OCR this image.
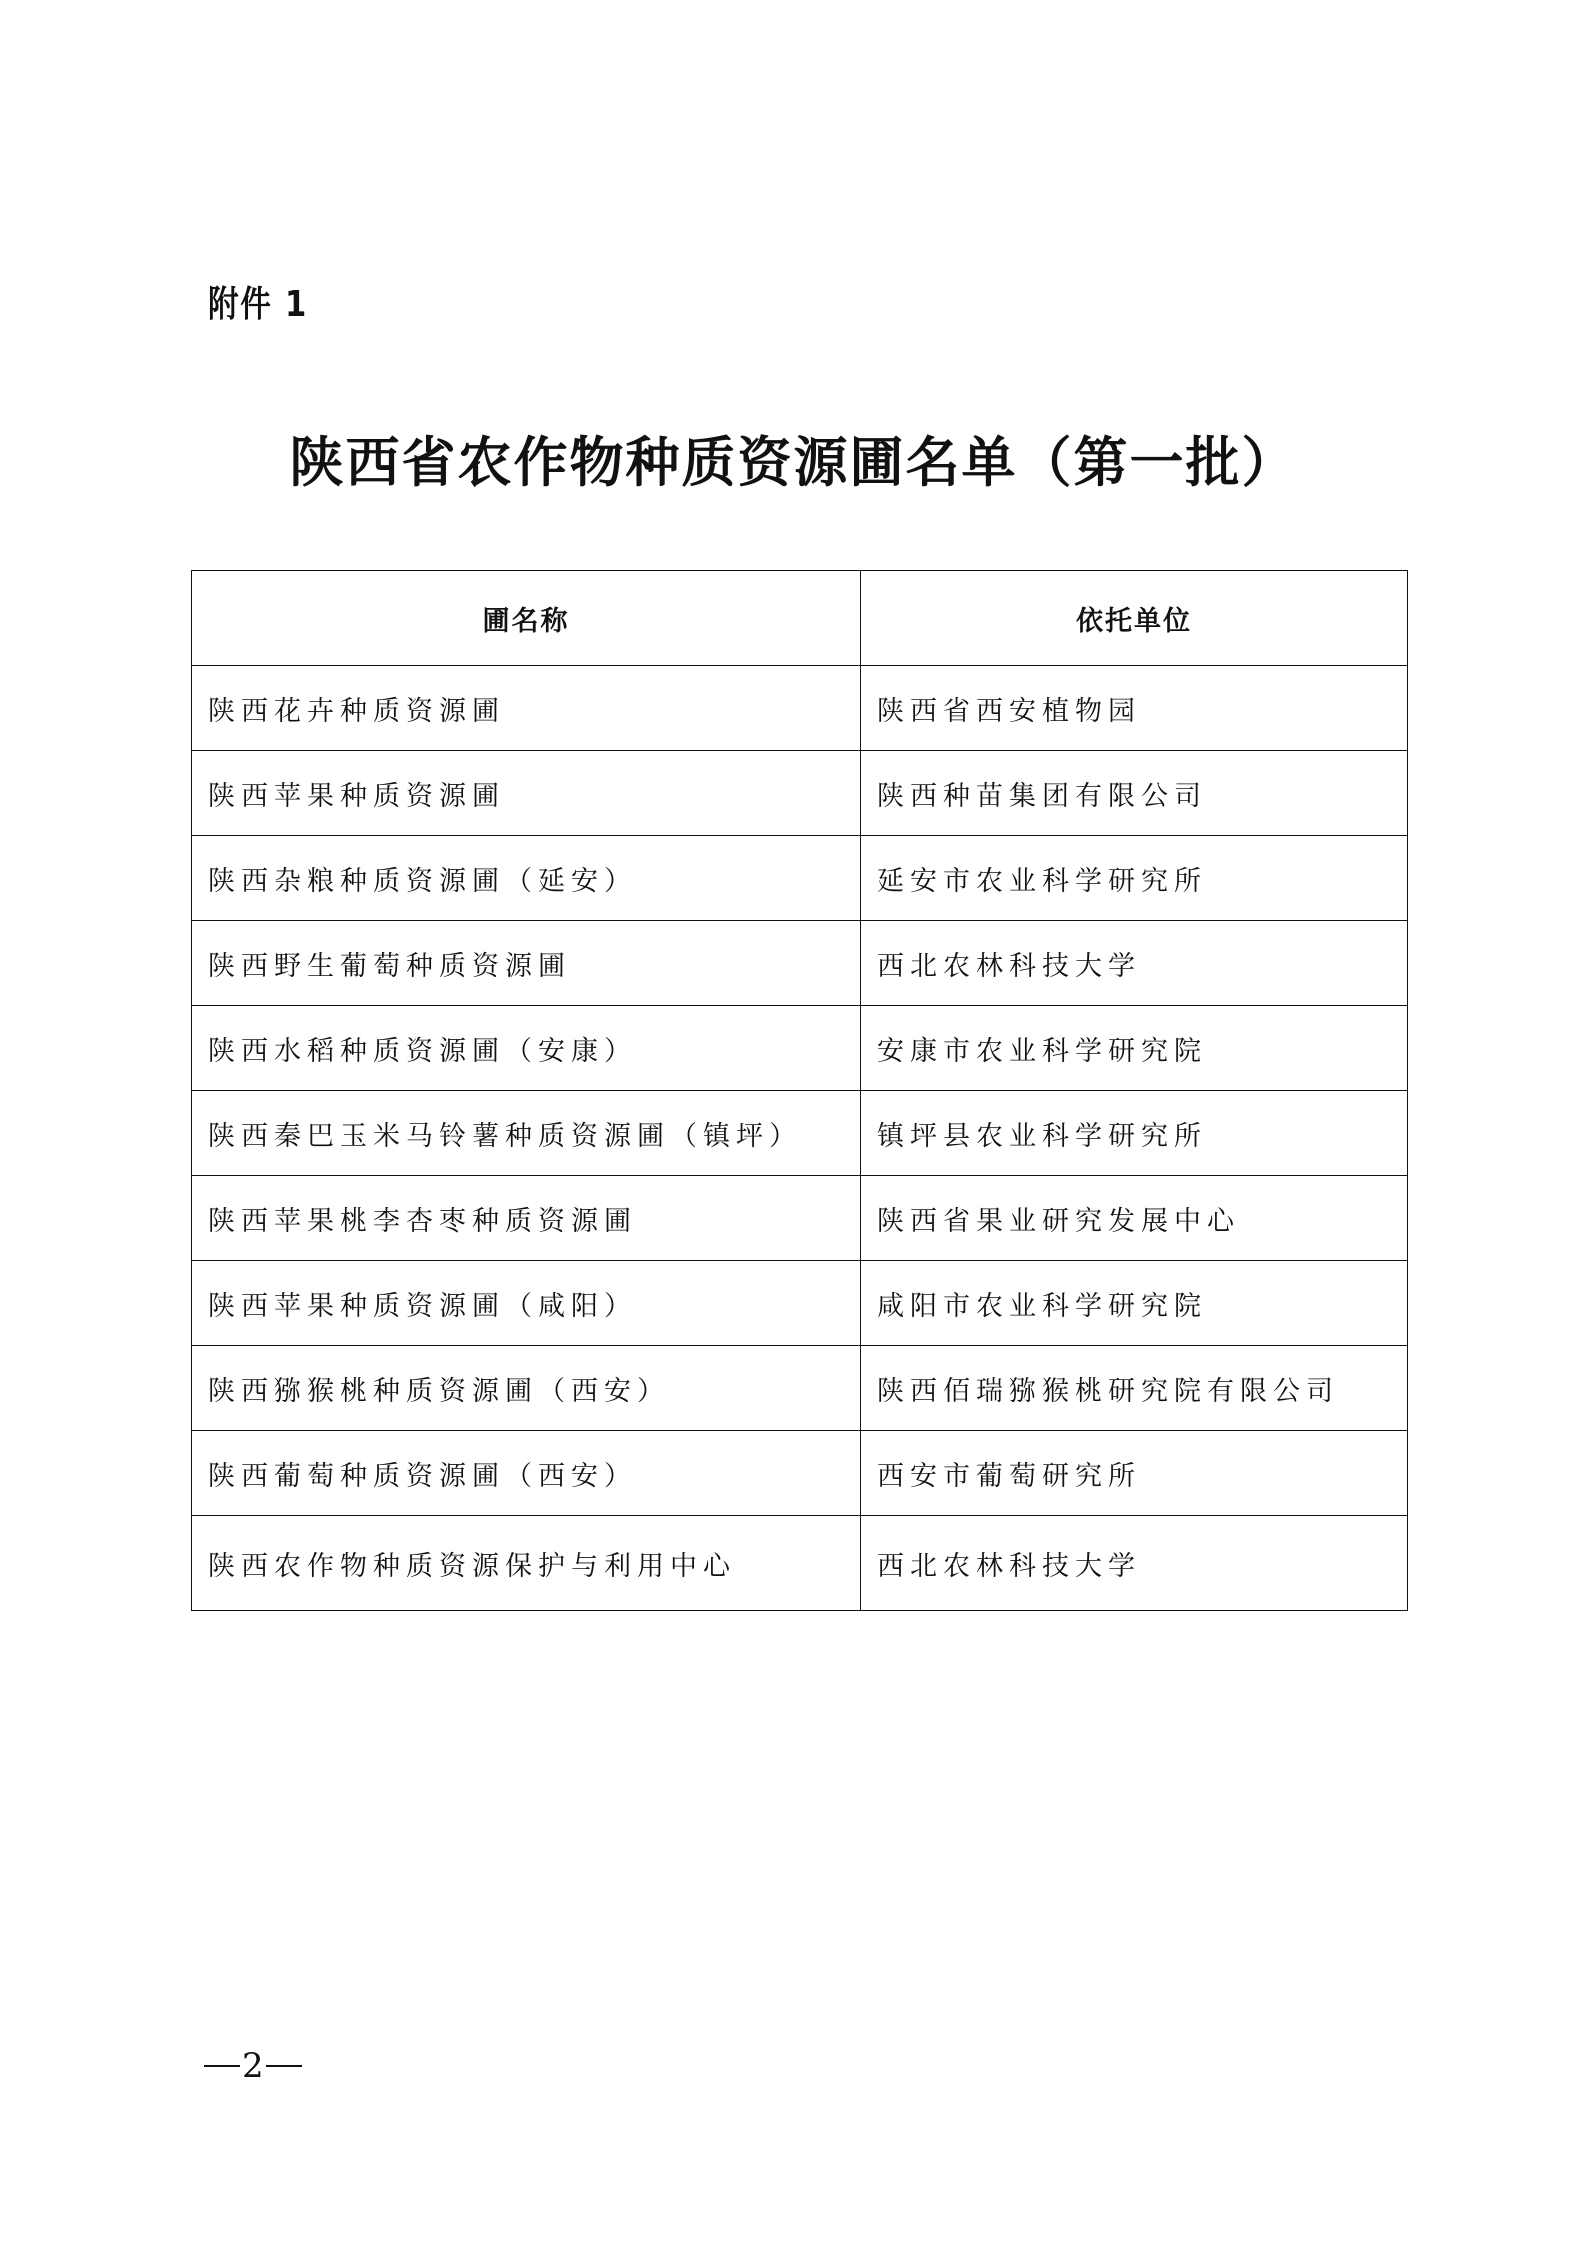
附件 1
陕西省农作物种质资源圃名单（第一批）
圃名称	依托单位
陕西花卉种质资源圃	陕西省西安植物园
陕西苹果种质资源圃	陕西种苗集团有限公司
陕西杂粮种质资源圃（延安）	延安市农业科学研究所
陕西野生葡萄种质资源圃	西北农林科技大学
陕西水稻种质资源圃（安康）	安康市农业科学研究院
陕西秦巴玉米马铃薯种质资源圃（镇坪）	镇坪县农业科学研究所
陕西苹果桃李杏枣种质资源圃	陕西省果业研究发展中心
陕西苹果种质资源圃（咸阳）	咸阳市农业科学研究院
陕西猕猴桃种质资源圃（西安）	陕西佰瑞猕猴桃研究院有限公司
陕西葡萄种质资源圃（西安）	西安市葡萄研究所
陕西农作物种质资源保护与利用中心	西北农林科技大学
2
